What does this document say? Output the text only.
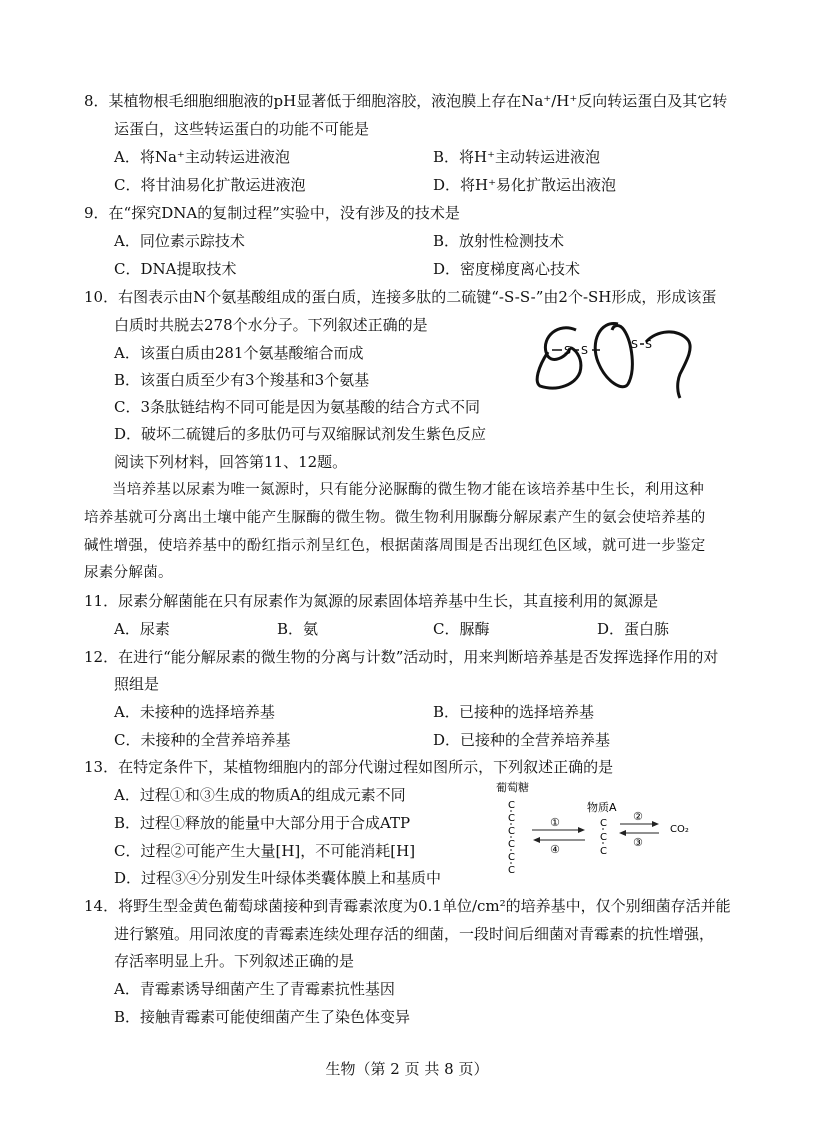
8．某植物根毛细胞细胞液的pH显著低于细胞溶胶，液泡膜上存在Na⁺/H⁺反向转运蛋白及其它转
运蛋白，这些转运蛋白的功能不可能是
A．将Na⁺主动转运进液泡	B．将H⁺主动转运进液泡
C．将甘油易化扩散运进液泡	D．将H⁺易化扩散运出液泡
9．在“探究DNA的复制过程”实验中，没有涉及的技术是
A．同位素示踪技术	B．放射性检测技术
C．DNA提取技术	D．密度梯度离心技术
10．右图表示由N个氨基酸组成的蛋白质，连接多肽的二硫键“-S-S-”由2个-SH形成，形成该蛋
白质时共脱去278个水分子。下列叙述正确的是
A．该蛋白质由281个氨基酸缩合而成
B．该蛋白质至少有3个羧基和3个氨基
C．3条肽链结构不同可能是因为氨基酸的结合方式不同
D．破坏二硫键后的多肽仍可与双缩脲试剂发生紫色反应
S S	S S
阅读下列材料，回答第11、12题。
当培养基以尿素为唯一氮源时，只有能分泌脲酶的微生物才能在该培养基中生长，利用这种
培养基就可分离出土壤中能产生脲酶的微生物。微生物利用脲酶分解尿素产生的氨会使培养基的
碱性增强，使培养基中的酚红指示剂呈红色，根据菌落周围是否出现红色区域，就可进一步鉴定
尿素分解菌。
11．尿素分解菌能在只有尿素作为氮源的尿素固体培养基中生长，其直接利用的氮源是
A．尿素	B．氨	C．脲酶	D．蛋白胨
12．在进行“能分解尿素的微生物的分离与计数”活动时，用来判断培养基是否发挥选择作用的对
照组是
A．未接种的选择培养基	B．已接种的选择培养基
C．未接种的全营养培养基	D．已接种的全营养培养基
13．在特定条件下，某植物细胞内的部分代谢过程如图所示，下列叙述正确的是
A．过程①和③生成的物质A的组成元素不同
B．过程①释放的能量中大部分用于合成ATP
C．过程②可能产生大量[H]，不可能消耗[H]
D．过程③④分别发生叶绿体类囊体膜上和基质中
葡萄糖
C
C
C
C
C
C
①
④
物质A
C
C
C
②
③
CO₂
14．将野生型金黄色葡萄球菌接种到青霉素浓度为0.1单位/cm²的培养基中，仅个别细菌存活并能
进行繁殖。用同浓度的青霉素连续处理存活的细菌，一段时间后细菌对青霉素的抗性增强，
存活率明显上升。下列叙述正确的是
A．青霉素诱导细菌产生了青霉素抗性基因
B．接触青霉素可能使细菌产生了染色体变异
生物（第 2 页 共 8 页）
